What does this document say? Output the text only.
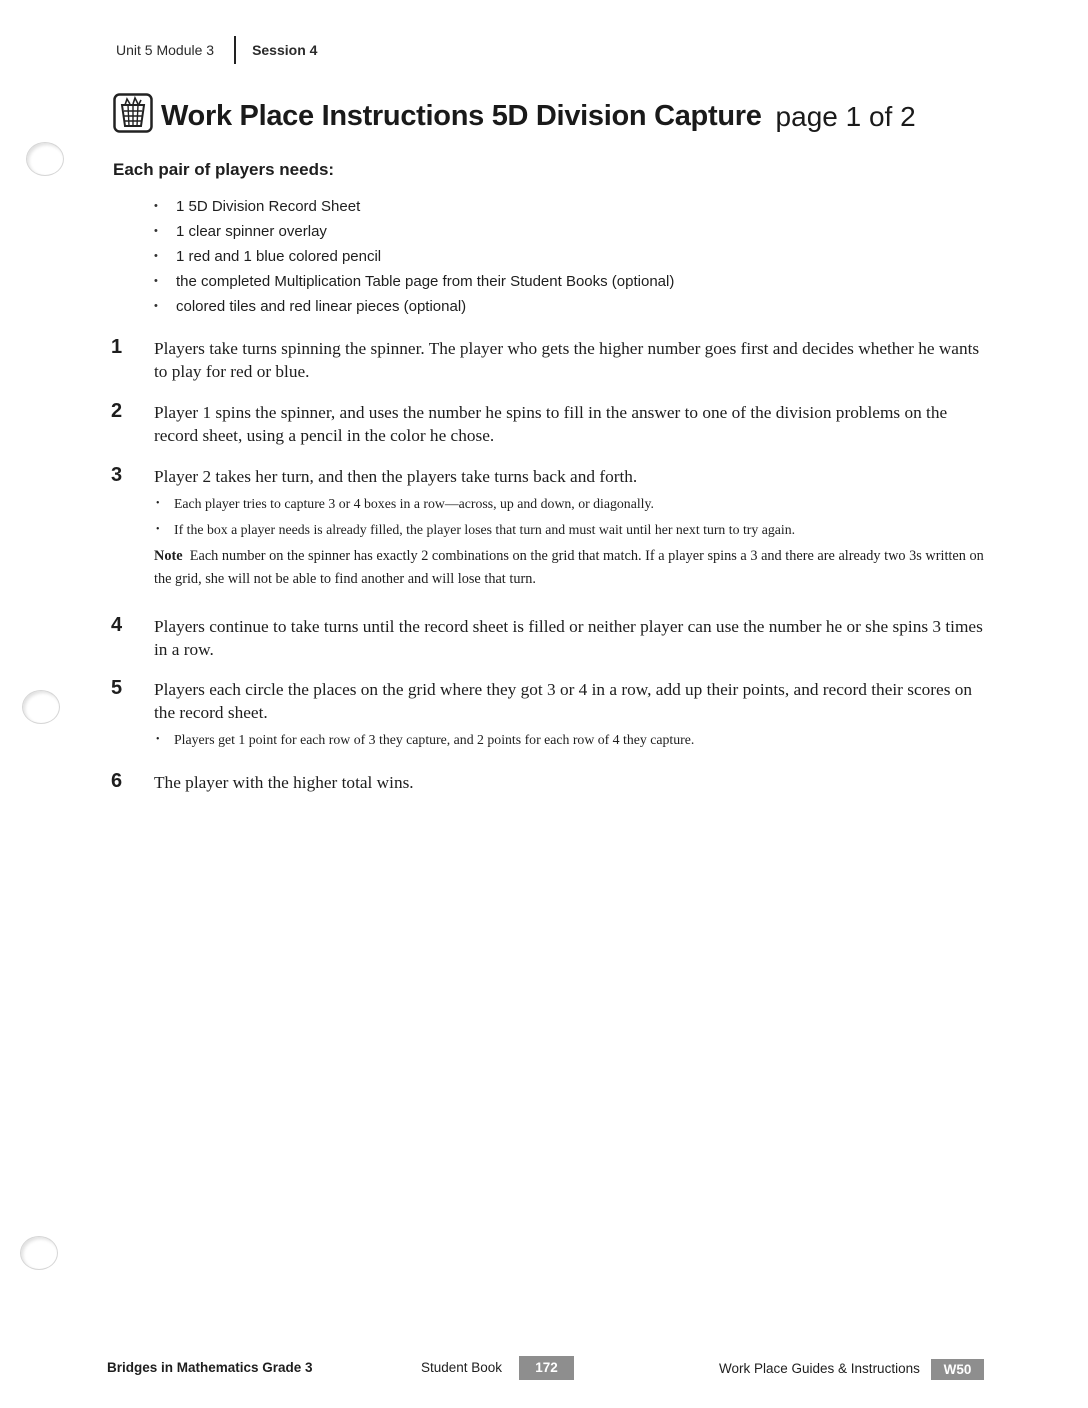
Unit 5 Module 3	Session 4
Work Place Instructions 5D Division Capture page 1 of 2
Each pair of players needs:
• 1 5D Division Record Sheet
• 1 clear spinner overlay
• 1 red and 1 blue colored pencil
• the completed Multiplication Table page from their Student Books (optional)
• colored tiles and red linear pieces (optional)
1 Players take turns spinning the spinner. The player who gets the higher number goes first and decides whether he wants to play for red or blue.
2 Player 1 spins the spinner, and uses the number he spins to fill in the answer to one of the division problems on the record sheet, using a pencil in the color he chose.
3 Player 2 takes her turn, and then the players take turns back and forth.
• Each player tries to capture 3 or 4 boxes in a row—across, up and down, or diagonally.
• If the box a player needs is already filled, the player loses that turn and must wait until her next turn to try again.
Note Each number on the spinner has exactly 2 combinations on the grid that match. If a player spins a 3 and there are already two 3s written on the grid, she will not be able to find another and will lose that turn.
4 Players continue to take turns until the record sheet is filled or neither player can use the number he or she spins 3 times in a row.
5 Players each circle the places on the grid where they got 3 or 4 in a row, add up their points, and record their scores on the record sheet.
• Players get 1 point for each row of 3 they capture, and 2 points for each row of 4 they capture.
6 The player with the higher total wins.
Bridges in Mathematics Grade 3	Student Book	172	Work Place Guides & Instructions	W50
